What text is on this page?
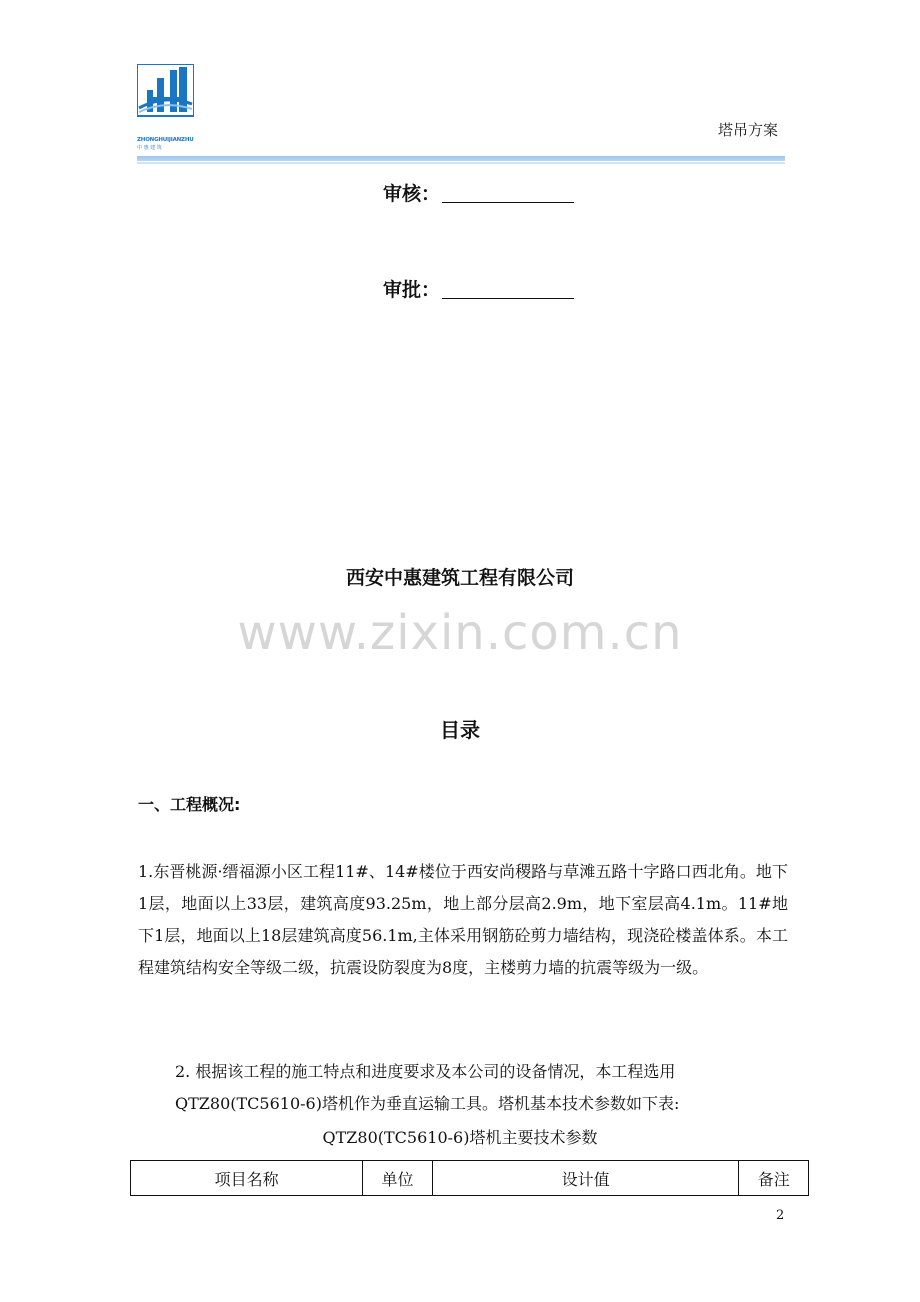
ZHONGHUIJIANZHU
中 惠 建 筑
塔吊方案
审核：
审批：
西安中惠建筑工程有限公司
www.zixin.com.cn
目录
一、工程概况:
1.东晋桃源·缙福源小区工程11#、14#楼位于西安尚稷路与草滩五路十字路口西北角。地下1层，地面以上33层，建筑高度93.25m，地上部分层高2.9m，地下室层高4.1m。11#地下1层，地面以上18层建筑高度56.1m,主体采用钢筋砼剪力墙结构，现浇砼楼盖体系。本工程建筑结构安全等级二级，抗震设防裂度为8度，主楼剪力墙的抗震等级为一级。
2. 根据该工程的施工特点和进度要求及本公司的设备情况，本工程选用QTZ80(TC5610-6)塔机作为垂直运输工具。塔机基本技术参数如下表:
QTZ80(TC5610-6)塔机主要技术参数
项目名称	单位	设计值	备注
2
